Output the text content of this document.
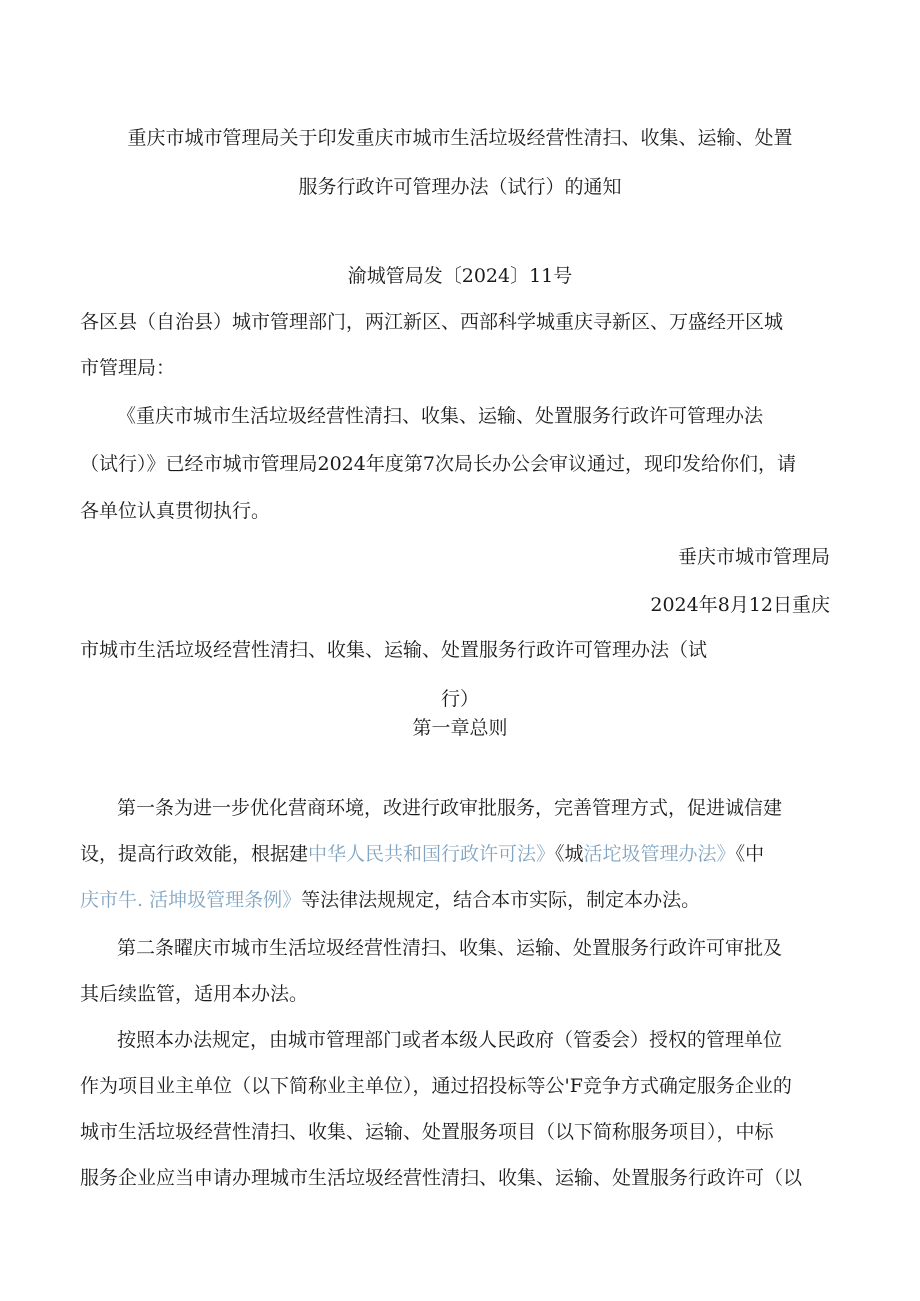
重庆市城市管理局关于印发重庆市城市生活垃圾经营性清扫、收集、运输、处置
服务行政许可管理办法（试行）的通知
渝城管局发〔2024〕11号
各区县（自治县）城市管理部门，两江新区、西部科学城重庆寻新区、万盛经开区城
市管理局：
《重庆市城市生活垃圾经营性清扫、收集、运输、处置服务行政许可管理办法
（试行）》已经市城市管理局2024年度第7次局长办公会审议通过，现印发给你们，请
各单位认真贯彻执行。
垂庆市城市管理局
2024年8月12日重庆
市城市生活垃圾经营性清扫、收集、运输、处置服务行政许可管理办法（试
行）
第一章总则
第一条为进一步优化营商环境，改进行政审批服务，完善管理方式，促进诚信建
设，提高行政效能，根据建中华人民共和国行政许可法》《城活坨圾管理办法》《中
庆市牛. 活坤圾管理条例》等法律法规规定，结合本市实际，制定本办法。
第二条曜庆市城市生活垃圾经营性清扫、收集、运输、处置服务行政许可审批及
其后续监管，适用本办法。
按照本办法规定，由城市管理部门或者本级人民政府（管委会）授权的管理单位
作为项目业主单位（以下简称业主单位），通过招投标等公'F竞争方式确定服务企业的
城市生活垃圾经营性清扫、收集、运输、处置服务项目（以下简称服务项目），中标
服务企业应当申请办理城市生活垃圾经营性清扫、收集、运输、处置服务行政许可（以
